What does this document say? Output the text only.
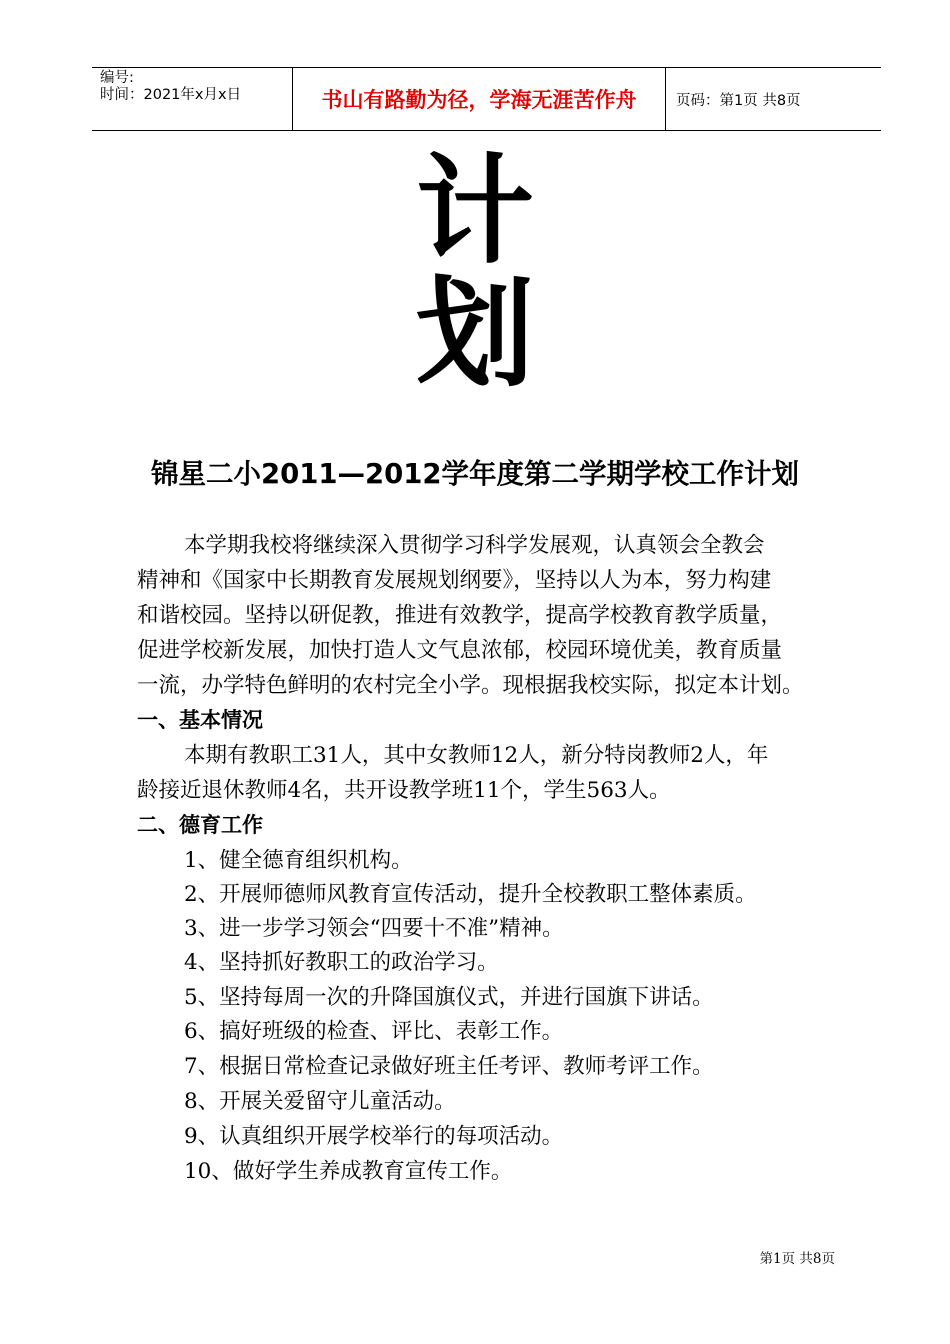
编号:
时间：2021年x月x日	书山有路勤为径，学海无涯苦作舟	页码：第1页 共8页
计
划
锦星二小2011—2012学年度第二学期学校工作计划
本学期我校将继续深入贯彻学习科学发展观，认真领会全教会
精神和《国家中长期教育发展规划纲要》，坚持以人为本，努力构建
和谐校园。坚持以研促教，推进有效教学，提高学校教育教学质量，
促进学校新发展，加快打造人文气息浓郁，校园环境优美，教育质量
一流，办学特色鲜明的农村完全小学。现根据我校实际，拟定本计划。
一、基本情况
本期有教职工31人，其中女教师12人，新分特岗教师2人，年
龄接近退休教师4名，共开设教学班11个，学生563人。
二、德育工作
1、健全德育组织机构。
2、开展师德师风教育宣传活动，提升全校教职工整体素质。
3、进一步学习领会“四要十不准”精神。
4、坚持抓好教职工的政治学习。
5、坚持每周一次的升降国旗仪式，并进行国旗下讲话。
6、搞好班级的检查、评比、表彰工作。
7、根据日常检查记录做好班主任考评、教师考评工作。
8、开展关爱留守儿童活动。
9、认真组织开展学校举行的每项活动。
10、做好学生养成教育宣传工作。
第1页 共8页
